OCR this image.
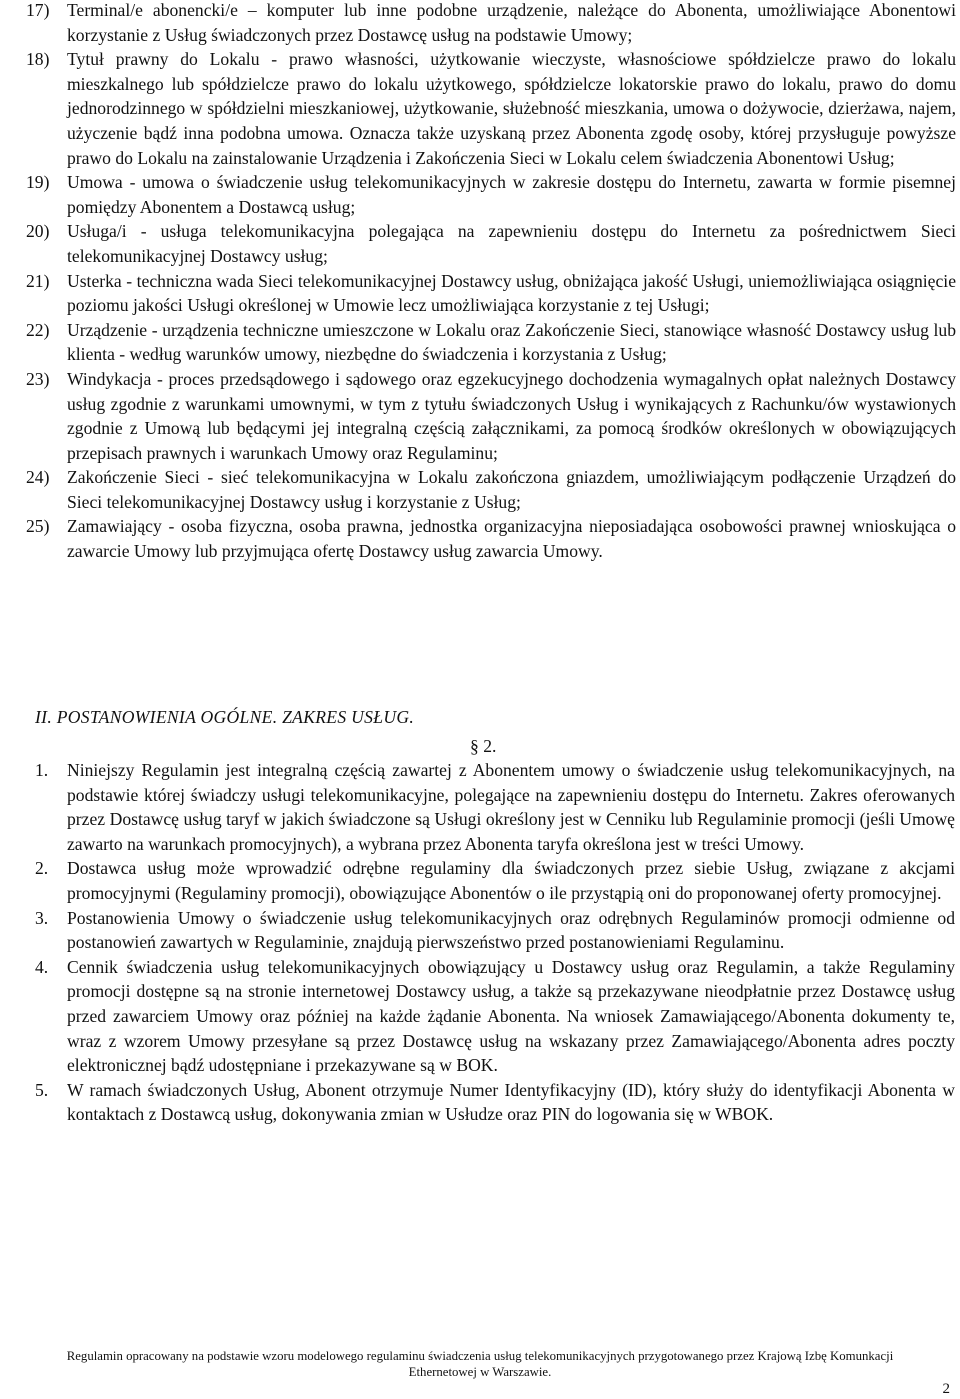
17) Terminal/e abonencki/e – komputer lub inne podobne urządzenie, należące do Abonenta, umożliwiające Abonentowi korzystanie z Usług świadczonych przez Dostawcę usług na podstawie Umowy;
18) Tytuł prawny do Lokalu - prawo własności, użytkowanie wieczyste, własnościowe spółdzielcze prawo do lokalu mieszkalnego lub spółdzielcze prawo do lokalu użytkowego, spółdzielcze lokatorskie prawo do lokalu, prawo do domu jednorodzinnego w spółdzielni mieszkaniowej, użytkowanie, służebność mieszkania, umowa o dożywocie, dzierżawa, najem, użyczenie bądź inna podobna umowa. Oznacza także uzyskaną przez Abonenta zgodę osoby, której przysługuje powyższe prawo do Lokalu na zainstalowanie Urządzenia i Zakończenia Sieci w Lokalu celem świadczenia Abonentowi Usług;
19) Umowa - umowa o świadczenie usług telekomunikacyjnych w zakresie dostępu do Internetu, zawarta w formie pisemnej pomiędzy Abonentem a Dostawcą usług;
20) Usługa/i - usługa telekomunikacyjna polegająca na zapewnieniu dostępu do Internetu za pośrednictwem Sieci telekomunikacyjnej Dostawcy usług;
21) Usterka - techniczna wada Sieci telekomunikacyjnej Dostawcy usług, obniżająca jakość Usługi, uniemożliwiająca osiągnięcie poziomu jakości Usługi określonej w Umowie lecz umożliwiająca korzystanie z tej Usługi;
22) Urządzenie - urządzenia techniczne umieszczone w Lokalu oraz Zakończenie Sieci, stanowiące własność Dostawcy usług lub klienta - według warunków umowy, niezbędne do świadczenia i korzystania z Usług;
23) Windykacja - proces przedsądowego i sądowego oraz egzekucyjnego dochodzenia wymagalnych opłat należnych Dostawcy usług zgodnie z warunkami umownymi, w tym z tytułu świadczonych Usług i wynikających z Rachunku/ów wystawionych zgodnie z Umową lub będącymi jej integralną częścią załącznikami, za pomocą środków określonych w obowiązujących przepisach prawnych i warunkach Umowy oraz Regulaminu;
24) Zakończenie Sieci - sieć telekomunikacyjna w Lokalu zakończona gniazdem, umożliwiającym podłączenie Urządzeń do Sieci telekomunikacyjnej Dostawcy usług i korzystanie z Usług;
25) Zamawiający - osoba fizyczna, osoba prawna, jednostka organizacyjna nieposiadająca osobowości prawnej wnioskująca o zawarcie Umowy lub przyjmująca ofertę Dostawcy usług zawarcia Umowy.
II. POSTANOWIENIA OGÓLNE. ZAKRES USŁUG.
§ 2.
1.	Niniejszy Regulamin jest integralną częścią zawartej z Abonentem umowy o świadczenie usług telekomunikacyjnych, na podstawie której świadczy usługi telekomunikacyjne, polegające na zapewnieniu dostępu do Internetu. Zakres oferowanych przez Dostawcę usług taryf w jakich świadczone są Usługi określony jest w Cenniku lub Regulaminie promocji (jeśli Umowę zawarto na warunkach promocyjnych), a wybrana przez Abonenta taryfa określona jest w treści Umowy.
2.	Dostawca usług może wprowadzić odrębne regulaminy dla świadczonych przez siebie Usług, związane z akcjami promocyjnymi (Regulaminy promocji), obowiązujące Abonentów o ile przystąpią oni do proponowanej oferty promocyjnej.
3.	Postanowienia Umowy o świadczenie usług telekomunikacyjnych oraz odrębnych Regulaminów promocji odmienne od postanowień zawartych w Regulaminie, znajdują pierwszeństwo przed postanowieniami Regulaminu.
4.	Cennik świadczenia usług telekomunikacyjnych obowiązujący u Dostawcy usług oraz Regulamin, a także Regulaminy promocji dostępne są na stronie internetowej Dostawcy usług, a także są przekazywane nieodpłatnie przez Dostawcę usług przed zawarciem Umowy oraz później na każde żądanie Abonenta. Na wniosek Zamawiającego/Abonenta dokumenty te, wraz z wzorem Umowy przesyłane są przez Dostawcę usług na wskazany przez Zamawiającego/Abonenta adres poczty elektronicznej bądź udostępniane i przekazywane są w BOK.
5.	W ramach świadczonych Usług, Abonent otrzymuje Numer Identyfikacyjny (ID), który służy do identyfikacji Abonenta w kontaktach z Dostawcą usług, dokonywania zmian w Usłudze oraz PIN do logowania się w WBOK.
Regulamin opracowany na podstawie wzoru modelowego regulaminu świadczenia usług telekomunikacyjnych przygotowanego przez Krajową Izbę Komunkacji
Ethernetowej w Warszawie.
2
